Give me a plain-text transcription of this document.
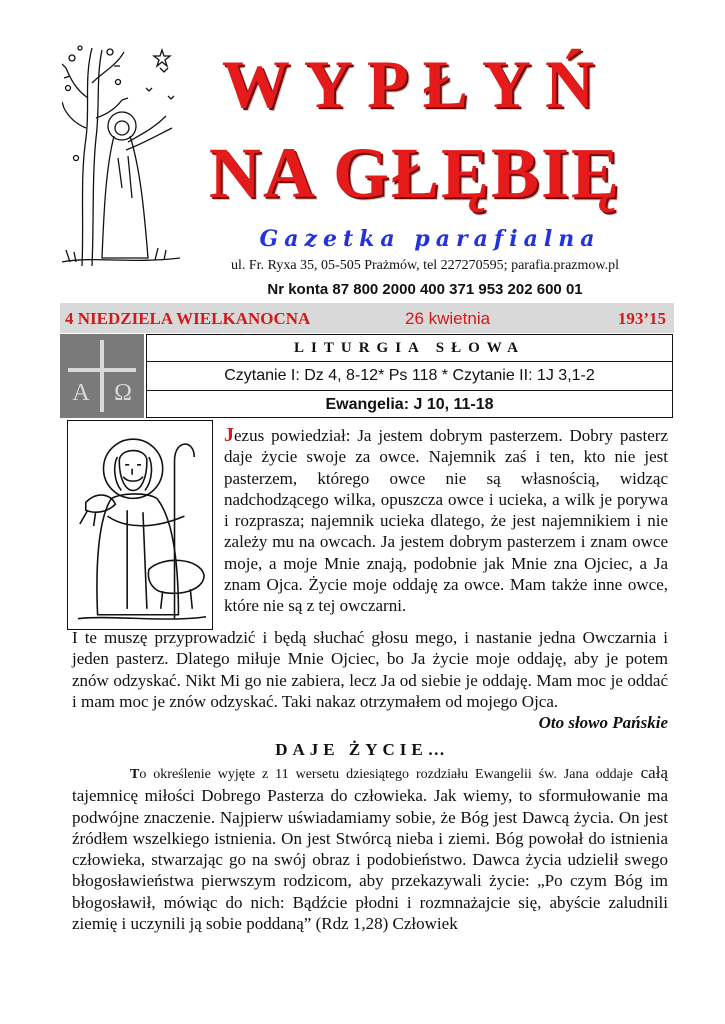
WYPŁYŃ
NA GŁĘBIĘ
Gazetka parafialna
ul. Fr. Ryxa 35, 05-505 Prażmów, tel 227270595; parafia.prazmow.pl
Nr konta 87 800 2000 400 371 953 202 600 01
4 NIEDZIELA WIELKANOCNA	26 kwietnia	193’15
A Ω
LITURGIA SŁOWA
Czytanie I: Dz 4, 8-12* Ps 118 * Czytanie II: 1J 3,1-2
Ewangelia: J 10, 11-18
Jezus powiedział: Ja jestem dobrym pasterzem. Dobry pasterz daje życie swoje za owce. Najemnik zaś i ten, kto nie jest pasterzem, którego owce nie są własnością, widząc nadchodzącego wilka, opuszcza owce i ucieka, a wilk je porywa i rozprasza; najemnik ucieka dlatego, że jest najemnikiem i nie zależy mu na owcach. Ja jestem dobrym pasterzem i znam owce moje, a moje Mnie znają, podobnie jak Mnie zna Ojciec, a Ja znam Ojca. Życie moje oddaję za owce. Mam także inne owce, które nie są z tej owczarni.
I te muszę przyprowadzić i będą słuchać głosu mego, i nastanie jedna Owczarnia i jeden pasterz. Dlatego miłuje Mnie Ojciec, bo Ja życie moje oddaję, aby je potem znów odzyskać. Nikt Mi go nie zabiera, lecz Ja od siebie je oddaję. Mam moc je oddać i mam moc je znów odzyskać. Taki nakaz otrzymałem od mojego Ojca.
Oto słowo Pańskie
DAJE ŻYCIE…

To określenie wyjęte z 11 wersetu dziesiątego rozdziału Ewangelii św. Jana oddaje całą tajemnicę miłości Dobrego Pasterza do człowieka. Jak wiemy, to sformułowanie ma podwójne znaczenie. Najpierw uświadamiamy sobie, że Bóg jest Dawcą życia. On jest źródłem wszelkiego istnienia. On jest Stwórcą nieba i ziemi. Bóg powołał do istnienia człowieka, stwarzając go na swój obraz i podobieństwo. Dawca życia udzielił swego błogosławieństwa pierwszym rodzicom, aby przekazywali życie: „Po czym Bóg im błogosławił, mówiąc do nich: Bądźcie płodni i rozmnażajcie się, abyście zaludnili ziemię i uczynili ją sobie poddaną” (Rdz 1,28) Człowiek
